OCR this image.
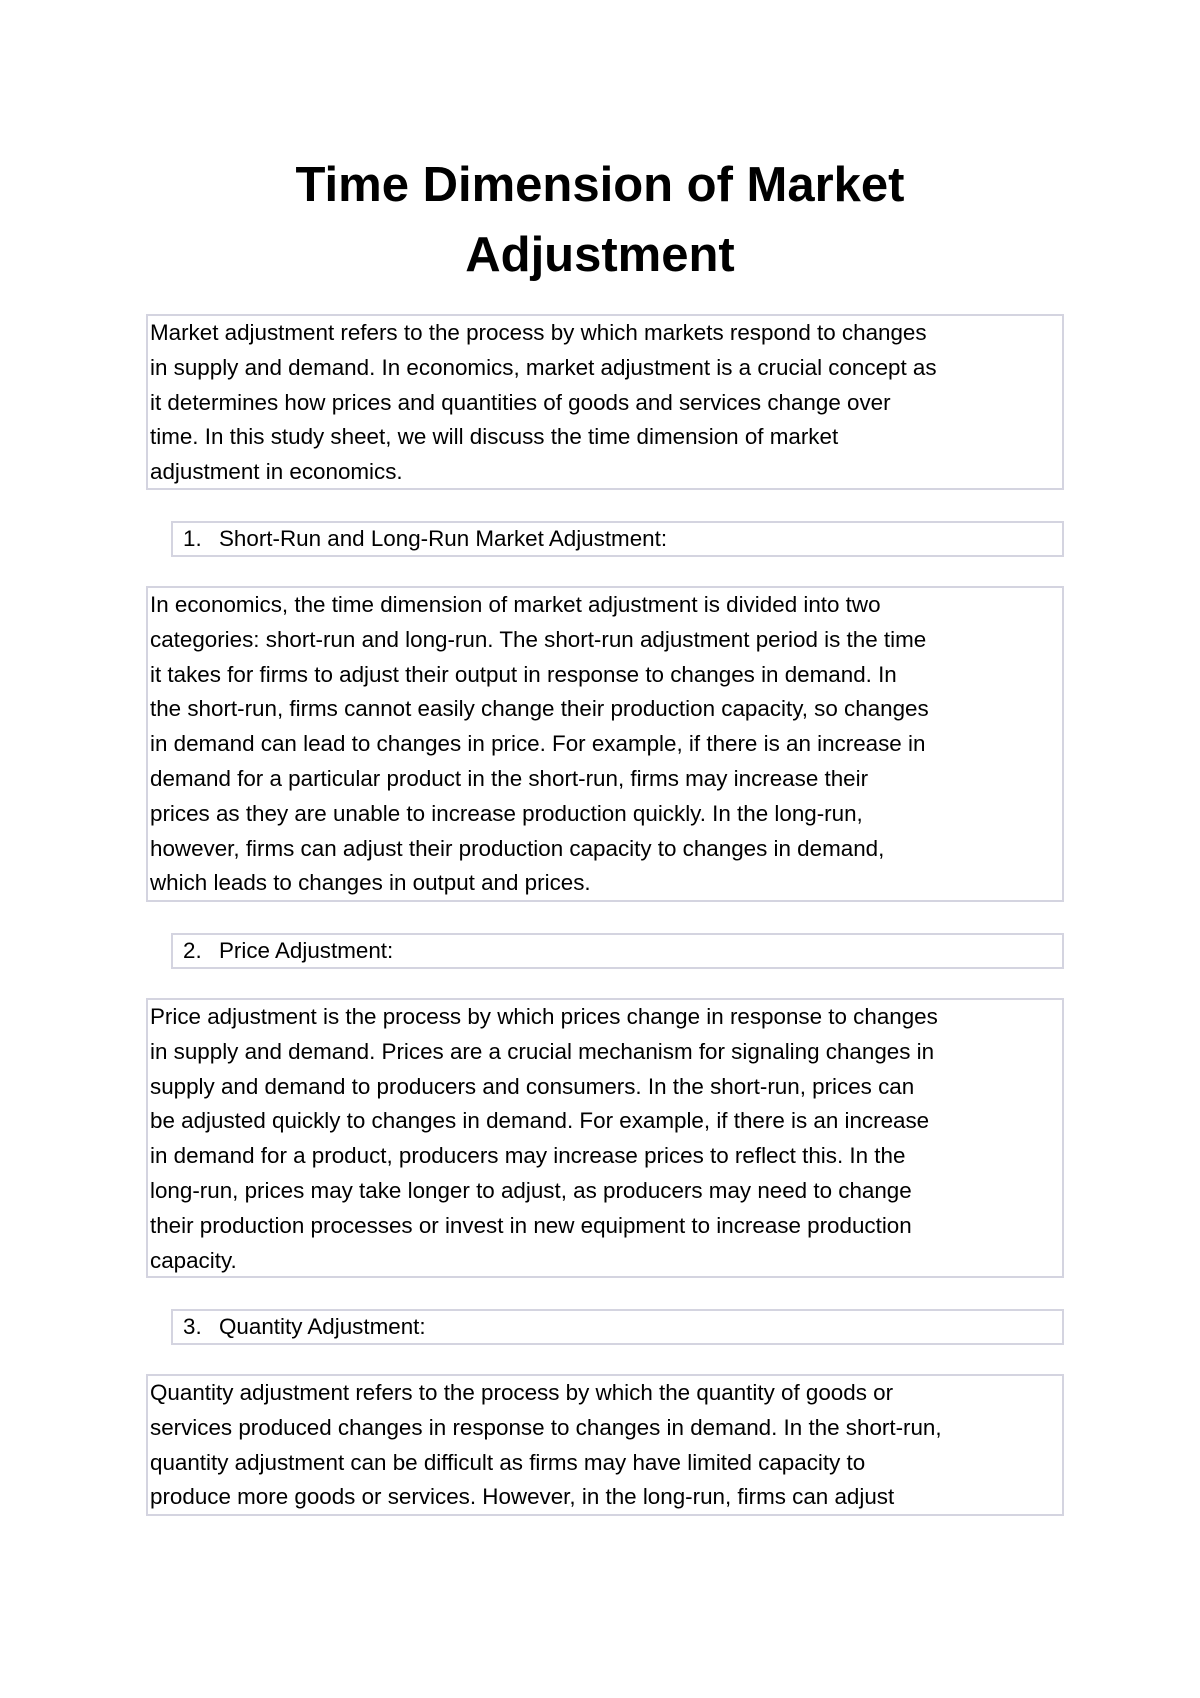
Time Dimension of Market
Adjustment
Market adjustment refers to the process by which markets respond to changes
in supply and demand. In economics, market adjustment is a crucial concept as
it determines how prices and quantities of goods and services change over
time. In this study sheet, we will discuss the time dimension of market
adjustment in economics.
1. Short-Run and Long-Run Market Adjustment:
In economics, the time dimension of market adjustment is divided into two
categories: short-run and long-run. The short-run adjustment period is the time
it takes for firms to adjust their output in response to changes in demand. In
the short-run, firms cannot easily change their production capacity, so changes
in demand can lead to changes in price. For example, if there is an increase in
demand for a particular product in the short-run, firms may increase their
prices as they are unable to increase production quickly. In the long-run,
however, firms can adjust their production capacity to changes in demand,
which leads to changes in output and prices.
2. Price Adjustment:
Price adjustment is the process by which prices change in response to changes
in supply and demand. Prices are a crucial mechanism for signaling changes in
supply and demand to producers and consumers. In the short-run, prices can
be adjusted quickly to changes in demand. For example, if there is an increase
in demand for a product, producers may increase prices to reflect this. In the
long-run, prices may take longer to adjust, as producers may need to change
their production processes or invest in new equipment to increase production
capacity.
3. Quantity Adjustment:
Quantity adjustment refers to the process by which the quantity of goods or
services produced changes in response to changes in demand. In the short-run,
quantity adjustment can be difficult as firms may have limited capacity to
produce more goods or services. However, in the long-run, firms can adjust
